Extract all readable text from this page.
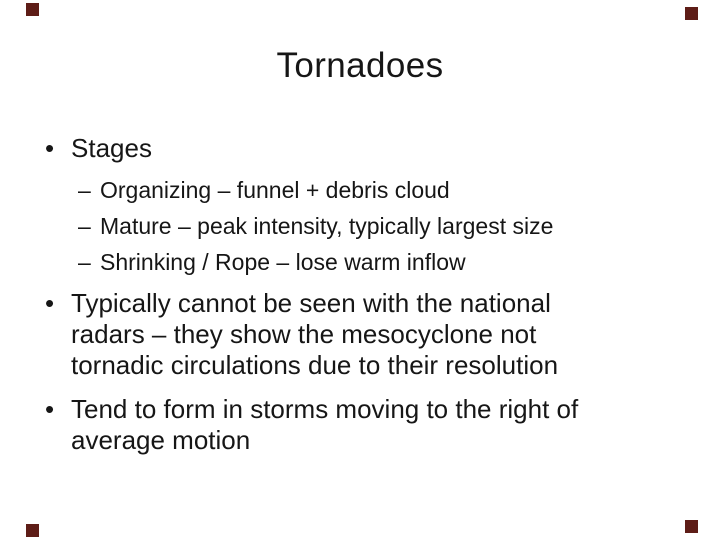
Tornadoes
• Stages
– Organizing – funnel + debris cloud
– Mature – peak intensity, typically largest size
– Shrinking / Rope – lose warm inflow
• Typically cannot be seen with the national
radars – they show the mesocyclone not
tornadic circulations due to their resolution
• Tend to form in storms moving to the right of
average motion
